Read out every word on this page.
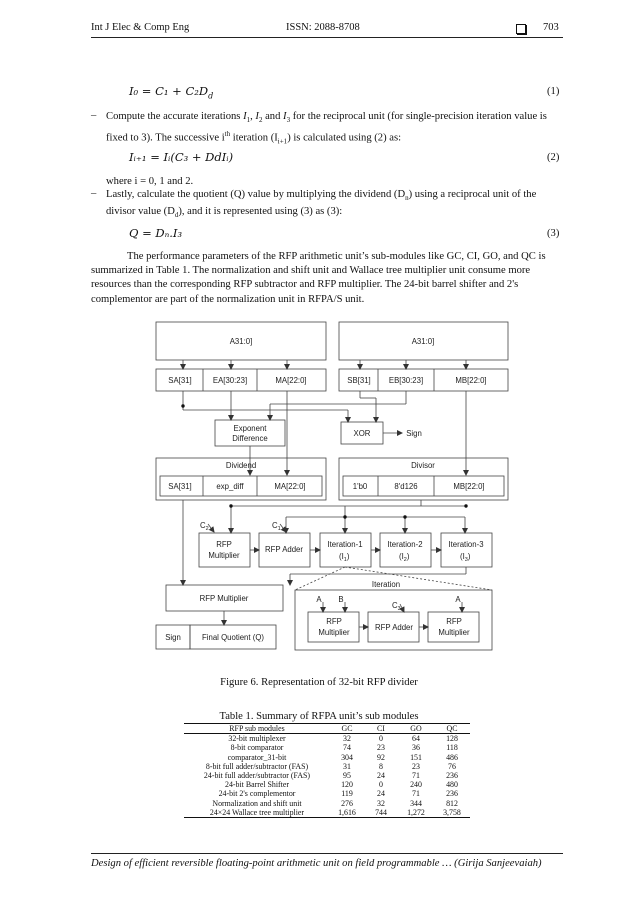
Int J Elec & Comp Eng	ISSN: 2088-8708	703
$I_0 = C_1 + C_2D_d$	(1)
– Compute the accurate iterations $I_1$, $I_2$ and $I_3$ for the reciprocal unit (for single-precision iteration value is
fixed to 3). The successive $i^{th}$ iteration $(I_{i+1})$ is calculated using (2) as:
Iᵢ₊₁ = Iᵢ(C₃ + DdIᵢ)	(2)
where i = 0, 1 and 2.
– Lastly, calculate the quotient (Q) value by multiplying the dividend $(D_n)$ using a reciprocal unit of the
divisor value $(D_d)$, and it is represented using (3) as (3):
Q = Dₙ.I₃	(3)
The performance parameters of the RFP arithmetic unit’s sub-modules like GC, CI, GO, and QC is
summarized in Table 1. The normalization and shift unit and Wallace tree multiplier unit consume more
resources than the corresponding RFP subtractor and RFP multiplier. The 24-bit barrel shifter and 2's
complementor are part of the normalization unit in RFPA/S unit.
A31:0]	A31:0]
SA[31]	EA[30:23]	MA[22:0]	SB[31] EB[30:23]	MB[22:0]
Exponent
Difference
XOR	Sign
Dividend	Divisor
SA[31]	exp_diff	MA[22:0]	1'b0	8'd126	MB[22:0]
RFP
Multiplier
RFP Adder
Iteration-1	Iteration-2	Iteration-3
Iteration
RFP
Multiplier
RFP Adder
RFP
Multiplier
RFP Multiplier
Sign	Final Quotient (Q)
A B	A
$C_2$	$C_1$
$C_3$
$(I_1)$	$(I_2)$	$(I_3)$
Figure 6. Representation of 32-bit RFP divider
Table 1. Summary of RFPA unit’s sub modules
RFP sub modules	GC	CI	GO	QC
32-bit multiplexer	32	0	64	128
8-bit comparator	74	23	36	118
comparator_31-bit	304	92	151	486
8-bit full adder/subtractor (FAS)	31	8	23	76
24-bit full adder/subtractor (FAS)	95	24	71	236
24-bit Barrel Shifter	120	0	240	480
24-bit 2's complementor	119	24	71	236
Normalization and shift unit	276	32	344	812
24×24 Wallace tree multiplier	1,616	744	1,272	3,758
Design of efficient reversible floating-point arithmetic unit on field programmable … (Girija Sanjeevaiah)
